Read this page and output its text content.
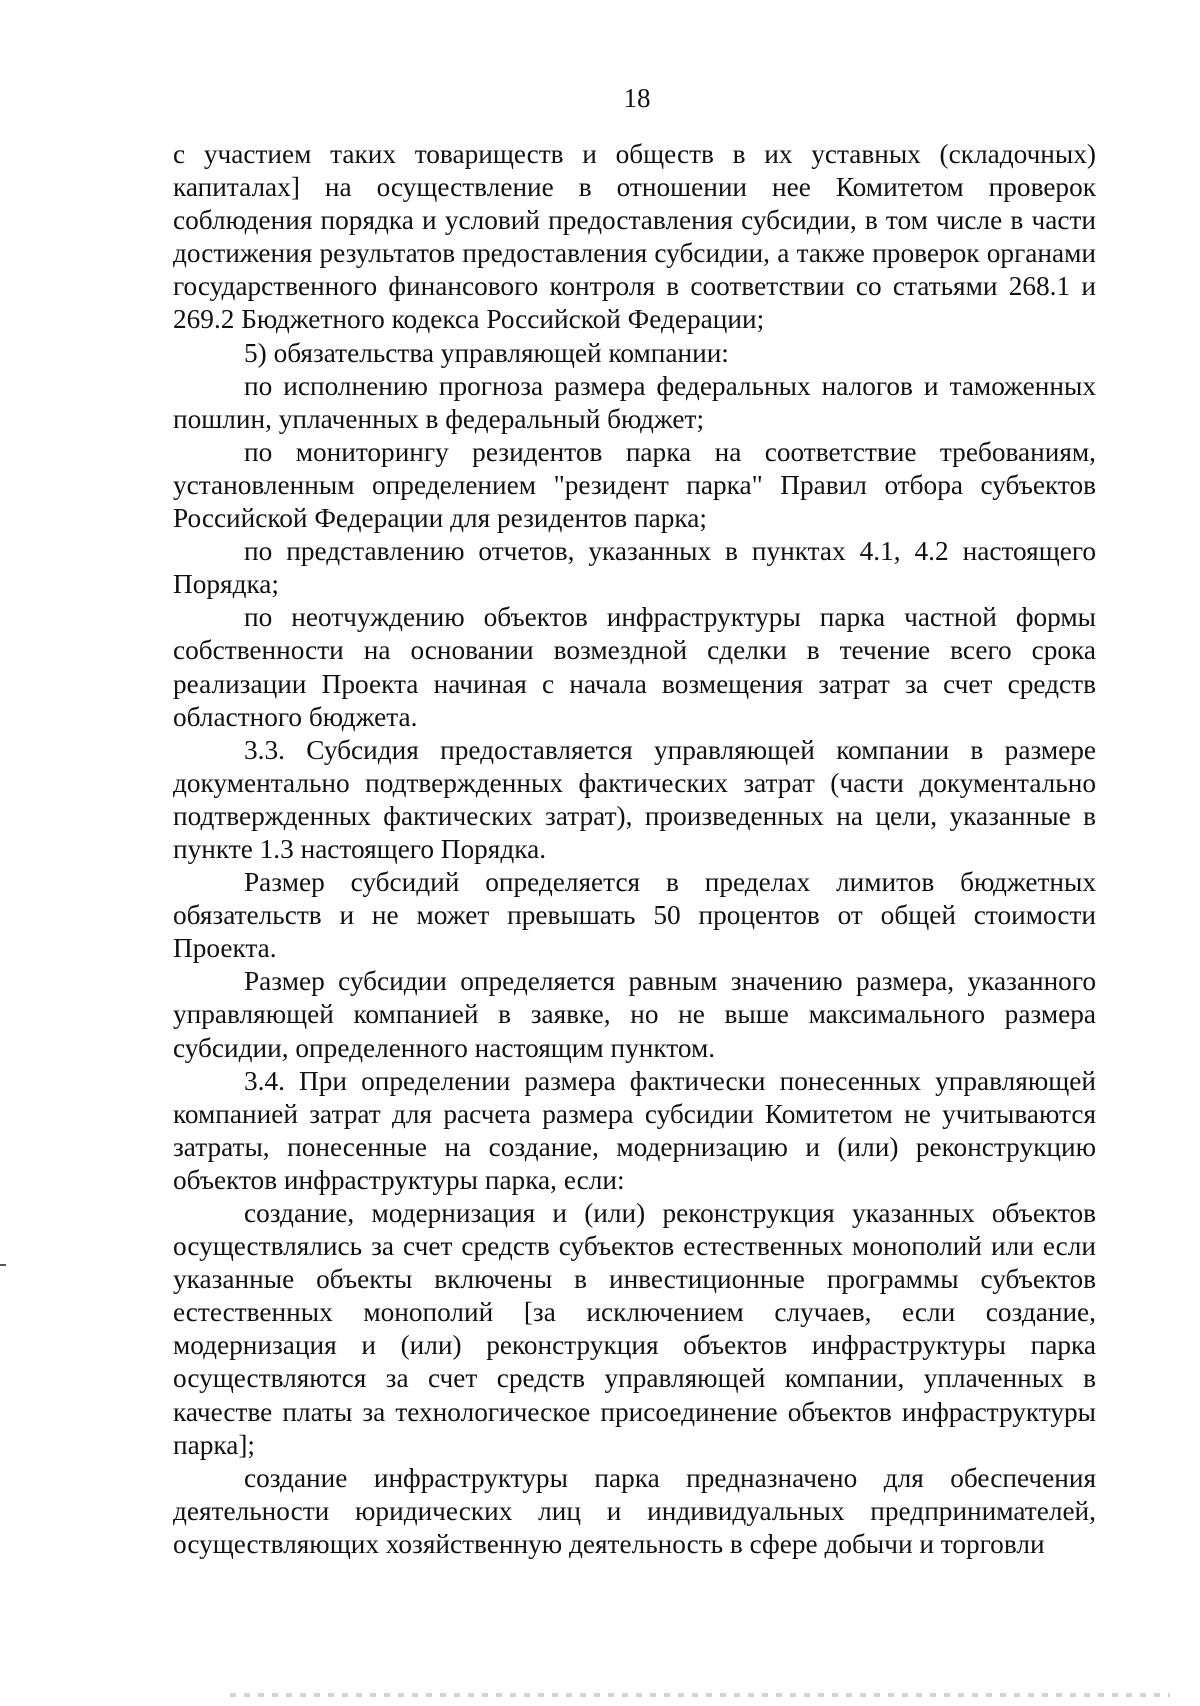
18

с участием таких товариществ и обществ в их уставных (складочных) капиталах] на осуществление в отношении нее Комитетом проверок соблюдения порядка и условий предоставления субсидии, в том числе в части достижения результатов предоставления субсидии, а также проверок органами государственного финансового контроля в соответствии со статьями 268.1 и 269.2 Бюджетного кодекса Российской Федерации;

5) обязательства управляющей компании:

по исполнению прогноза размера федеральных налогов и таможенных пошлин, уплаченных в федеральный бюджет;

по мониторингу резидентов парка на соответствие требованиям, установленным определением "резидент парка" Правил отбора субъектов Российской Федерации для резидентов парка;

по представлению отчетов, указанных в пунктах 4.1, 4.2 настоящего Порядка;

по неотчуждению объектов инфраструктуры парка частной формы собственности на основании возмездной сделки в течение всего срока реализации Проекта начиная с начала возмещения затрат за счет средств областного бюджета.

3.3. Субсидия предоставляется управляющей компании в размере документально подтвержденных фактических затрат (части документально подтвержденных фактических затрат), произведенных на цели, указанные в пункте 1.3 настоящего Порядка.

Размер субсидий определяется в пределах лимитов бюджетных обязательств и не может превышать 50 процентов от общей стоимости Проекта.

Размер субсидии определяется равным значению размера, указанного управляющей компанией в заявке, но не выше максимального размера субсидии, определенного настоящим пунктом.

3.4. При определении размера фактически понесенных управляющей компанией затрат для расчета размера субсидии Комитетом не учитываются затраты, понесенные на создание, модернизацию и (или) реконструкцию объектов инфраструктуры парка, если:

создание, модернизация и (или) реконструкция указанных объектов осуществлялись за счет средств субъектов естественных монополий или если указанные объекты включены в инвестиционные программы субъектов естественных монополий [за исключением случаев, если создание, модернизация и (или) реконструкция объектов инфраструктуры парка осуществляются за счет средств управляющей компании, уплаченных в качестве платы за технологическое присоединение объектов инфраструктуры парка];

создание инфраструктуры парка предназначено для обеспечения деятельности юридических лиц и индивидуальных предпринимателей, осуществляющих хозяйственную деятельность в сфере добычи и торговли
